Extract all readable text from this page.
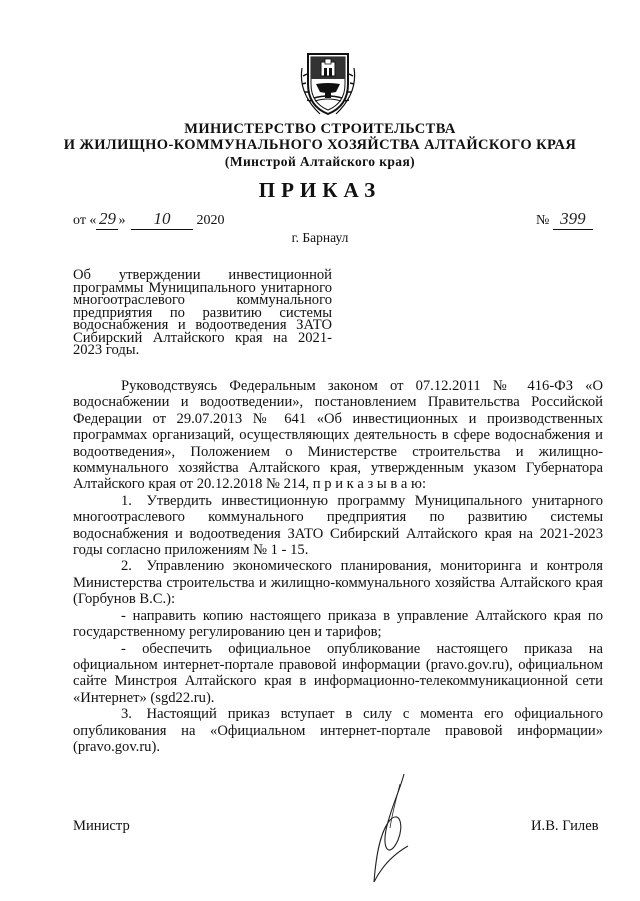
МИНИСТЕРСТВО СТРОИТЕЛЬСТВА
И ЖИЛИЩНО-КОММУНАЛЬНОГО ХОЗЯЙСТВА АЛТАЙСКОГО КРАЯ
(Минстрой Алтайского края)
ПРИКАЗ
от « 29 » 10 2020	№ 399
г. Барнаул
Об утверждении инвестиционной программы Муниципального унитарного многоотраслевого коммунального предприятия по развитию системы водоснабжения и водоотведения ЗАТО Сибирский Алтайского края на 2021-2023 годы.

Руководствуясь Федеральным законом от 07.12.2011 № 416-ФЗ «О водоснабжении и водоотведении», постановлением Правительства Российской Федерации от 29.07.2013 № 641 «Об инвестиционных и производственных программах организаций, осуществляющих деятельность в сфере водоснабжения и водоотведения», Положением о Министерстве строительства и жилищно-коммунального хозяйства Алтайского края, утвержденным указом Губернатора Алтайского края от 20.12.2018 № 214, п р и к а з ы в а ю:

1. Утвердить инвестиционную программу Муниципального унитарного многоотраслевого коммунального предприятия по развитию системы водоснабжения и водоотведения ЗАТО Сибирский Алтайского края на 2021-2023 годы согласно приложениям № 1 - 15.

2. Управлению экономического планирования, мониторинга и контроля Министерства строительства и жилищно-коммунального хозяйства Алтайского края (Горбунов В.С.):

- направить копию настоящего приказа в управление Алтайского края по государственному регулированию цен и тарифов;

- обеспечить официальное опубликование настоящего приказа на официальном интернет-портале правовой информации (pravo.gov.ru), официальном сайте Минстроя Алтайского края в информационно-телекоммуникационной сети «Интернет» (sgd22.ru).

3. Настоящий приказ вступает в силу с момента его официального опубликования на «Официальном интернет-портале правовой информации» (pravo.gov.ru).

Министр	И.В. Гилев
